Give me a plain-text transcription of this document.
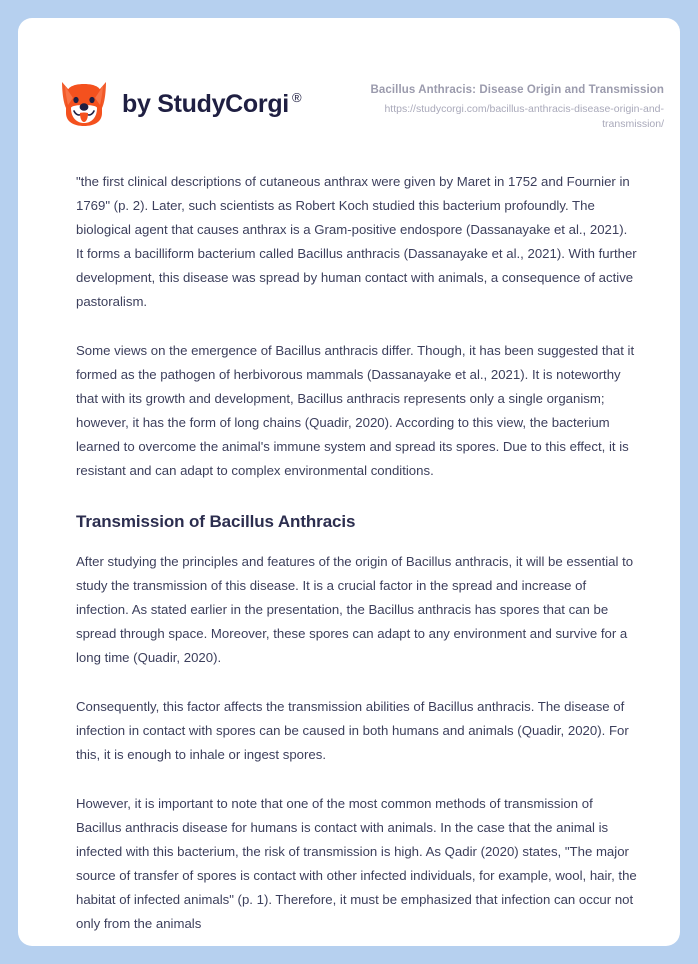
by StudyCorgi ®	Bacillus Anthracis: Disease Origin and Transmission
https://studycorgi.com/bacillus-anthracis-disease-origin-and-transmission/

"the first clinical descriptions of cutaneous anthrax were given by Maret in 1752 and Fournier in 1769" (p. 2). Later, such scientists as Robert Koch studied this bacterium profoundly. The biological agent that causes anthrax is a Gram-positive endospore (Dassanayake et al., 2021). It forms a bacilliform bacterium called Bacillus anthracis (Dassanayake et al., 2021). With further development, this disease was spread by human contact with animals, a consequence of active pastoralism.

Some views on the emergence of Bacillus anthracis differ. Though, it has been suggested that it formed as the pathogen of herbivorous mammals (Dassanayake et al., 2021). It is noteworthy that with its growth and development, Bacillus anthracis represents only a single organism; however, it has the form of long chains (Quadir, 2020). According to this view, the bacterium learned to overcome the animal's immune system and spread its spores. Due to this effect, it is resistant and can adapt to complex environmental conditions.

Transmission of Bacillus Anthracis

After studying the principles and features of the origin of Bacillus anthracis, it will be essential to study the transmission of this disease. It is a crucial factor in the spread and increase of infection. As stated earlier in the presentation, the Bacillus anthracis has spores that can be spread through space. Moreover, these spores can adapt to any environment and survive for a long time (Quadir, 2020).

Consequently, this factor affects the transmission abilities of Bacillus anthracis. The disease of infection in contact with spores can be caused in both humans and animals (Quadir, 2020). For this, it is enough to inhale or ingest spores.

However, it is important to note that one of the most common methods of transmission of Bacillus anthracis disease for humans is contact with animals. In the case that the animal is infected with this bacterium, the risk of transmission is high. As Qadir (2020) states, "The major source of transfer of spores is contact with other infected individuals, for example, wool, hair, the habitat of infected animals" (p. 1). Therefore, it must be emphasized that infection can occur not only from the animals
